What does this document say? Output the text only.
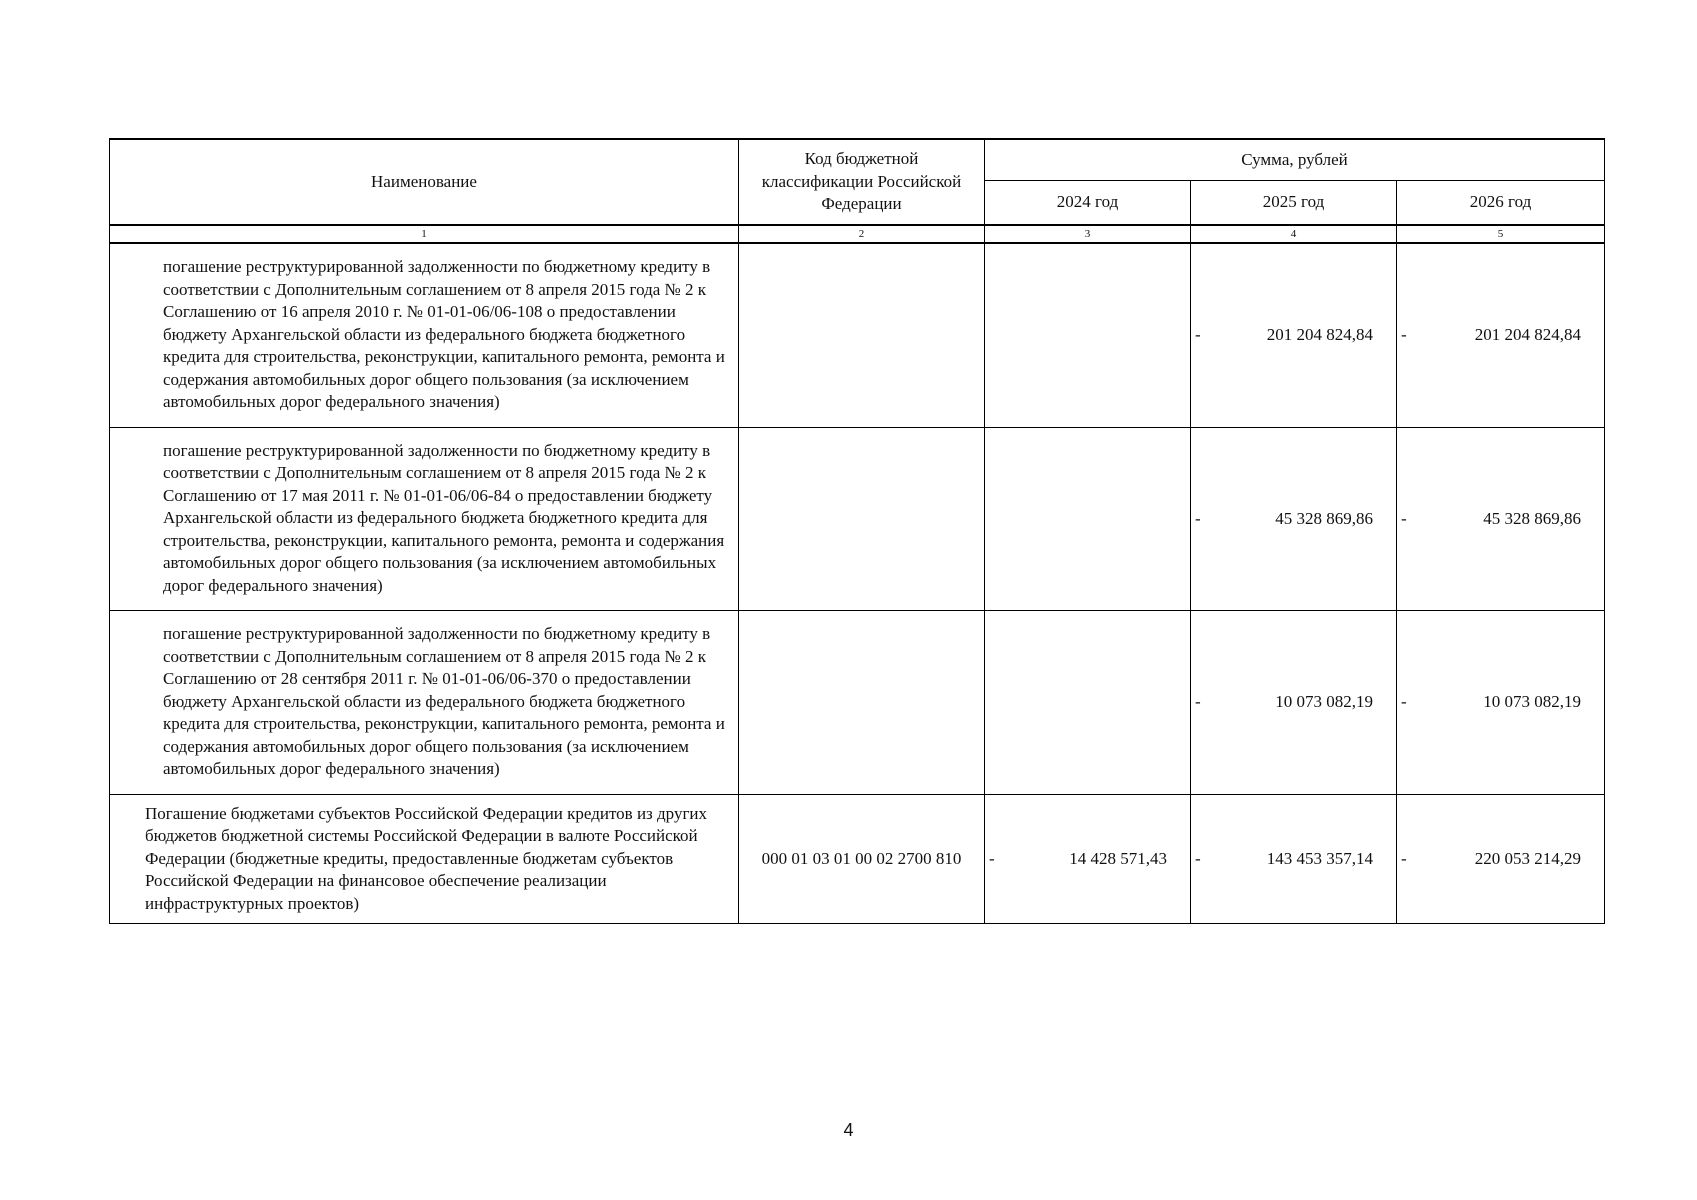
Наименование	Код бюджетной классификации Российской Федерации	Сумма, рублей		
		2024 год	2025 год	2026 год
1	2	3	4	5
погашение реструктурированной задолженности по бюджетному кредиту в соответствии с Дополнительным соглашением от 8 апреля 2015 года № 2 к Соглашению от 16 апреля 2010 г. № 01-01-06/06-108 о предоставлении бюджету Архангельской области из федерального бюджета бюджетного кредита для строительства, реконструкции, капитального ремонта, ремонта и содержания автомобильных дорог общего пользования (за исключением автомобильных дорог федерального значения)			- 201 204 824,84	- 201 204 824,84
погашение реструктурированной задолженности по бюджетному кредиту в соответствии с Дополнительным соглашением от 8 апреля 2015 года № 2 к Соглашению от 17 мая 2011 г. № 01-01-06/06-84 о предоставлении бюджету Архангельской области из федерального бюджета бюджетного кредита для строительства, реконструкции, капитального ремонта, ремонта и содержания автомобильных дорог общего пользования (за исключением автомобильных дорог федерального значения)			- 45 328 869,86	- 45 328 869,86
погашение реструктурированной задолженности по бюджетному кредиту в соответствии с Дополнительным соглашением от 8 апреля 2015 года № 2 к Соглашению от 28 сентября 2011 г. № 01-01-06/06-370 о предоставлении бюджету Архангельской области из федерального бюджета бюджетного кредита для строительства, реконструкции, капитального ремонта, ремонта и содержания автомобильных дорог общего пользования (за исключением автомобильных дорог федерального значения)			- 10 073 082,19	- 10 073 082,19
Погашение бюджетами субъектов Российской Федерации кредитов из других бюджетов бюджетной системы Российской Федерации в валюте Российской Федерации (бюджетные кредиты, предоставленные бюджетам субъектов Российской Федерации на финансовое обеспечение реализации инфраструктурных проектов)	000 01 03 01 00 02 2700 810	- 14 428 571,43	- 143 453 357,14	- 220 053 214,29
4
